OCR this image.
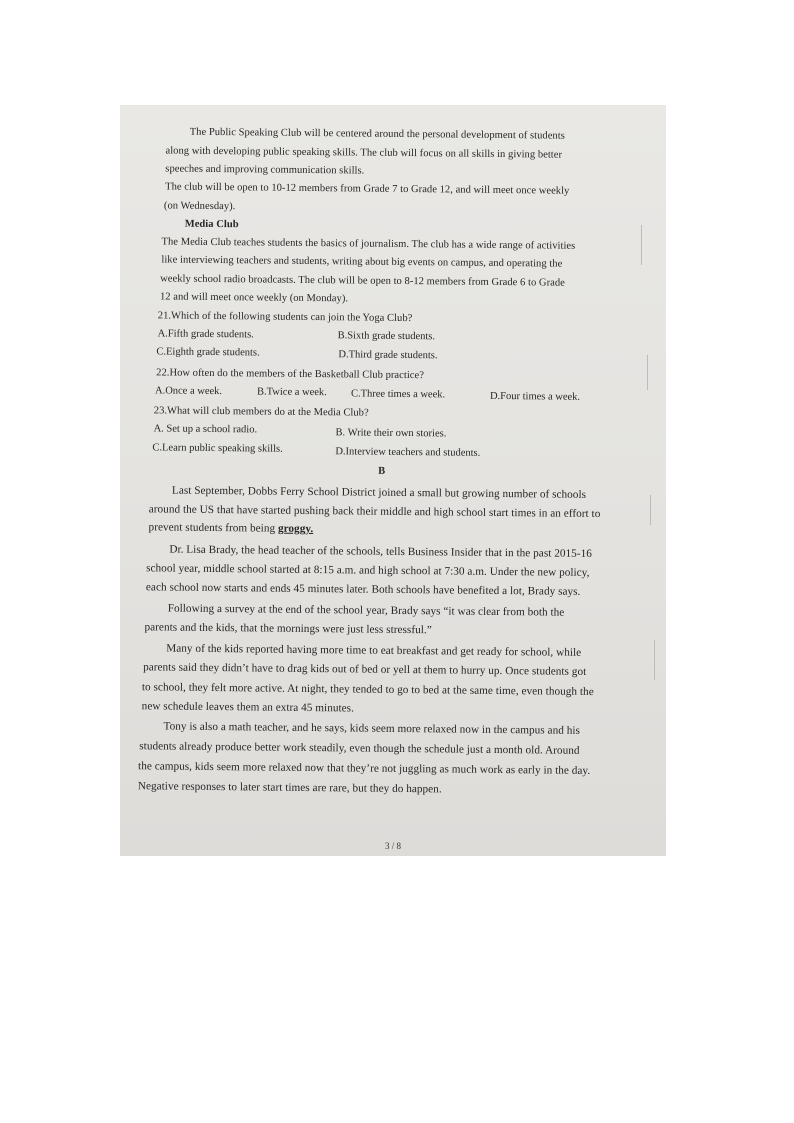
The Public Speaking Club will be centered around the personal development of students
along with developing public speaking skills. The club will focus on all skills in giving better
speeches and improving communication skills.
The club will be open to 10-12 members from Grade 7 to Grade 12, and will meet once weekly
(on Wednesday).
Media Club
The Media Club teaches students the basics of journalism. The club has a wide range of activities
like interviewing teachers and students, writing about big events on campus, and operating the
weekly school radio broadcasts. The club will be open to 8-12 members from Grade 6 to Grade
12 and will meet once weekly (on Monday).
21.Which of the following students can join the Yoga Club?
A.Fifth grade students.	B.Sixth grade students.
C.Eighth grade students.	D.Third grade students.
22.How often do the members of the Basketball Club practice?
A.Once a week.	B.Twice a week. C.Three times a week.	D.Four times a week.
23.What will club members do at the Media Club?
A. Set up a school radio.	B. Write their own stories.
C.Learn public speaking skills.	D.Interview teachers and students.
B
Last September, Dobbs Ferry School District joined a small but growing number of schools
around the US that have started pushing back their middle and high school start times in an effort to
prevent students from being groggy.
Dr. Lisa Brady, the head teacher of the schools, tells Business Insider that in the past 2015-16
school year, middle school started at 8:15 a.m. and high school at 7:30 a.m. Under the new policy,
each school now starts and ends 45 minutes later. Both schools have benefited a lot, Brady says.
Following a survey at the end of the school year, Brady says “it was clear from both the
parents and the kids, that the mornings were just less stressful.”
Many of the kids reported having more time to eat breakfast and get ready for school, while
parents said they didn’t have to drag kids out of bed or yell at them to hurry up. Once students got
to school, they felt more active. At night, they tended to go to bed at the same time, even though the
new schedule leaves them an extra 45 minutes.
Tony is also a math teacher, and he says, kids seem more relaxed now in the campus and his
students already produce better work steadily, even though the schedule just a month old. Around
the campus, kids seem more relaxed now that they’re not juggling as much work as early in the day.
Negative responses to later start times are rare, but they do happen.
3 / 8
